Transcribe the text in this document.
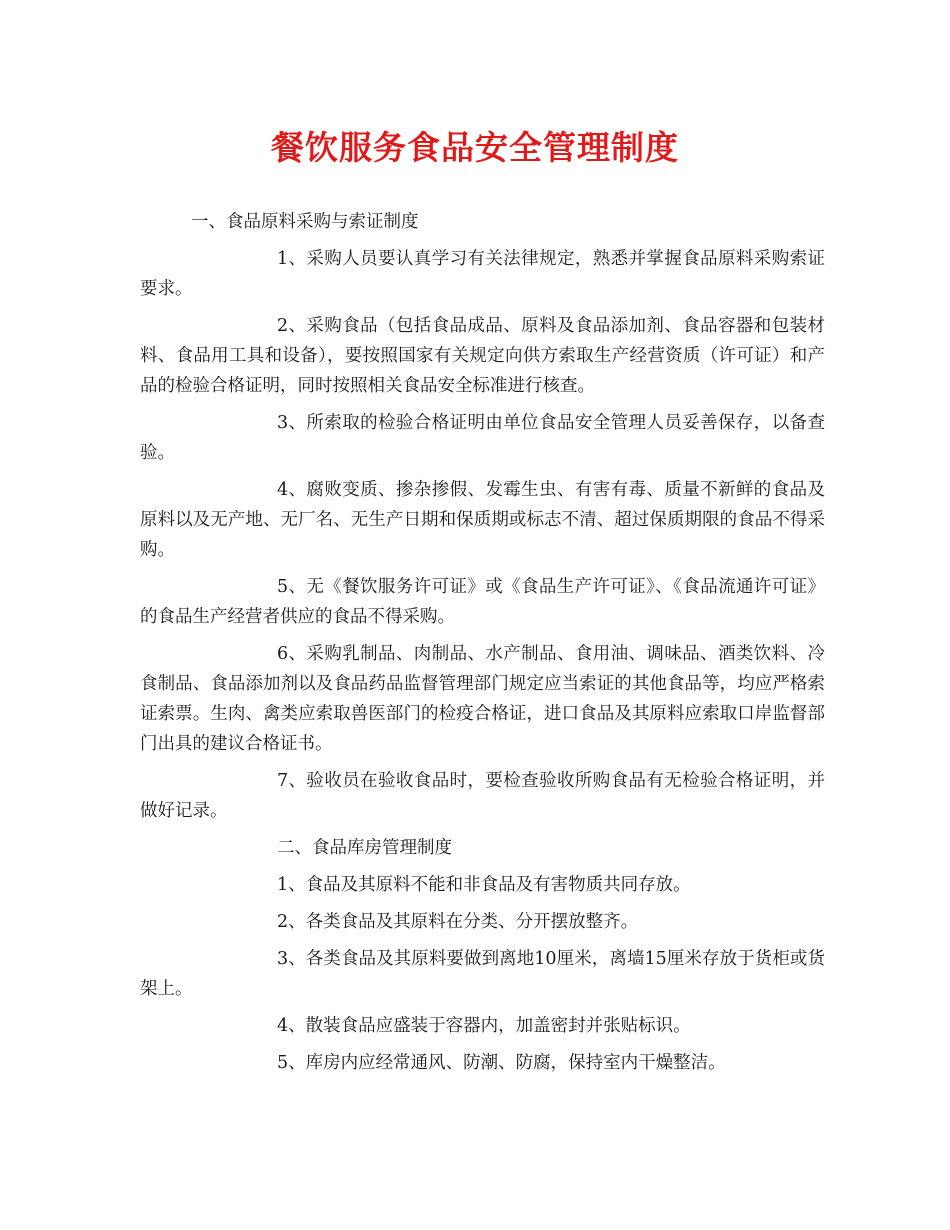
餐饮服务食品安全管理制度

一、食品原料采购与索证制度

1、采购人员要认真学习有关法律规定，熟悉并掌握食品原料采购索证要求。

2、采购食品（包括食品成品、原料及食品添加剂、食品容器和包装材料、食品用工具和设备），要按照国家有关规定向供方索取生产经营资质（许可证）和产品的检验合格证明，同时按照相关食品安全标准进行核查。

3、所索取的检验合格证明由单位食品安全管理人员妥善保存，以备查验。

4、腐败变质、掺杂掺假、发霉生虫、有害有毒、质量不新鲜的食品及原料以及无产地、无厂名、无生产日期和保质期或标志不清、超过保质期限的食品不得采购。

5、无《餐饮服务许可证》或《食品生产许可证》、《食品流通许可证》的食品生产经营者供应的食品不得采购。

6、采购乳制品、肉制品、水产制品、食用油、调味品、酒类饮料、冷食制品、食品添加剂以及食品药品监督管理部门规定应当索证的其他食品等，均应严格索证索票。生肉、禽类应索取兽医部门的检疫合格证，进口食品及其原料应索取口岸监督部门出具的建议合格证书。

7、验收员在验收食品时，要检查验收所购食品有无检验合格证明，并做好记录。

二、食品库房管理制度

1、食品及其原料不能和非食品及有害物质共同存放。

2、各类食品及其原料在分类、分开摆放整齐。

3、各类食品及其原料要做到离地10厘米，离墙15厘米存放于货柜或货架上。

4、散装食品应盛装于容器内，加盖密封并张贴标识。

5、库房内应经常通风、防潮、防腐，保持室内干燥整洁。
